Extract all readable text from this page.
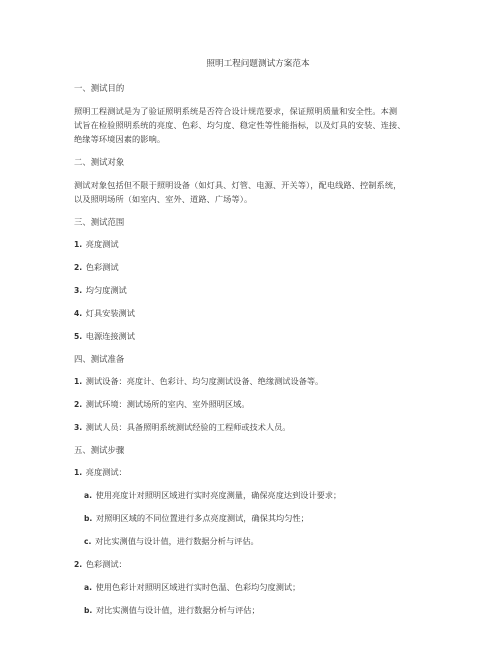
照明工程问题测试方案范本
一、测试目的
照明工程测试是为了验证照明系统是否符合设计规范要求，保证照明质量和安全性。本测
试旨在检验照明系统的亮度、色彩、均匀度、稳定性等性能指标，以及灯具的安装、连接、
绝缘等环境因素的影响。
二、测试对象
测试对象包括但不限于照明设备（如灯具、灯管、电源、开关等），配电线路、控制系统，
以及照明场所（如室内、室外、道路、广场等）。
三、测试范围
1. 亮度测试
2. 色彩测试
3. 均匀度测试
4. 灯具安装测试
5. 电源连接测试
四、测试准备
1. 测试设备：亮度计、色彩计、均匀度测试设备、绝缘测试设备等。
2. 测试环境：测试场所的室内、室外照明区域。
3. 测试人员：具备照明系统测试经验的工程师或技术人员。
五、测试步骤
1. 亮度测试：
a. 使用亮度计对照明区域进行实时亮度测量，确保亮度达到设计要求；
b. 对照明区域的不同位置进行多点亮度测试，确保其均匀性；
c. 对比实测值与设计值，进行数据分析与评估。
2. 色彩测试：
a. 使用色彩计对照明区域进行实时色温、色彩均匀度测试；
b. 对比实测值与设计值，进行数据分析与评估；
